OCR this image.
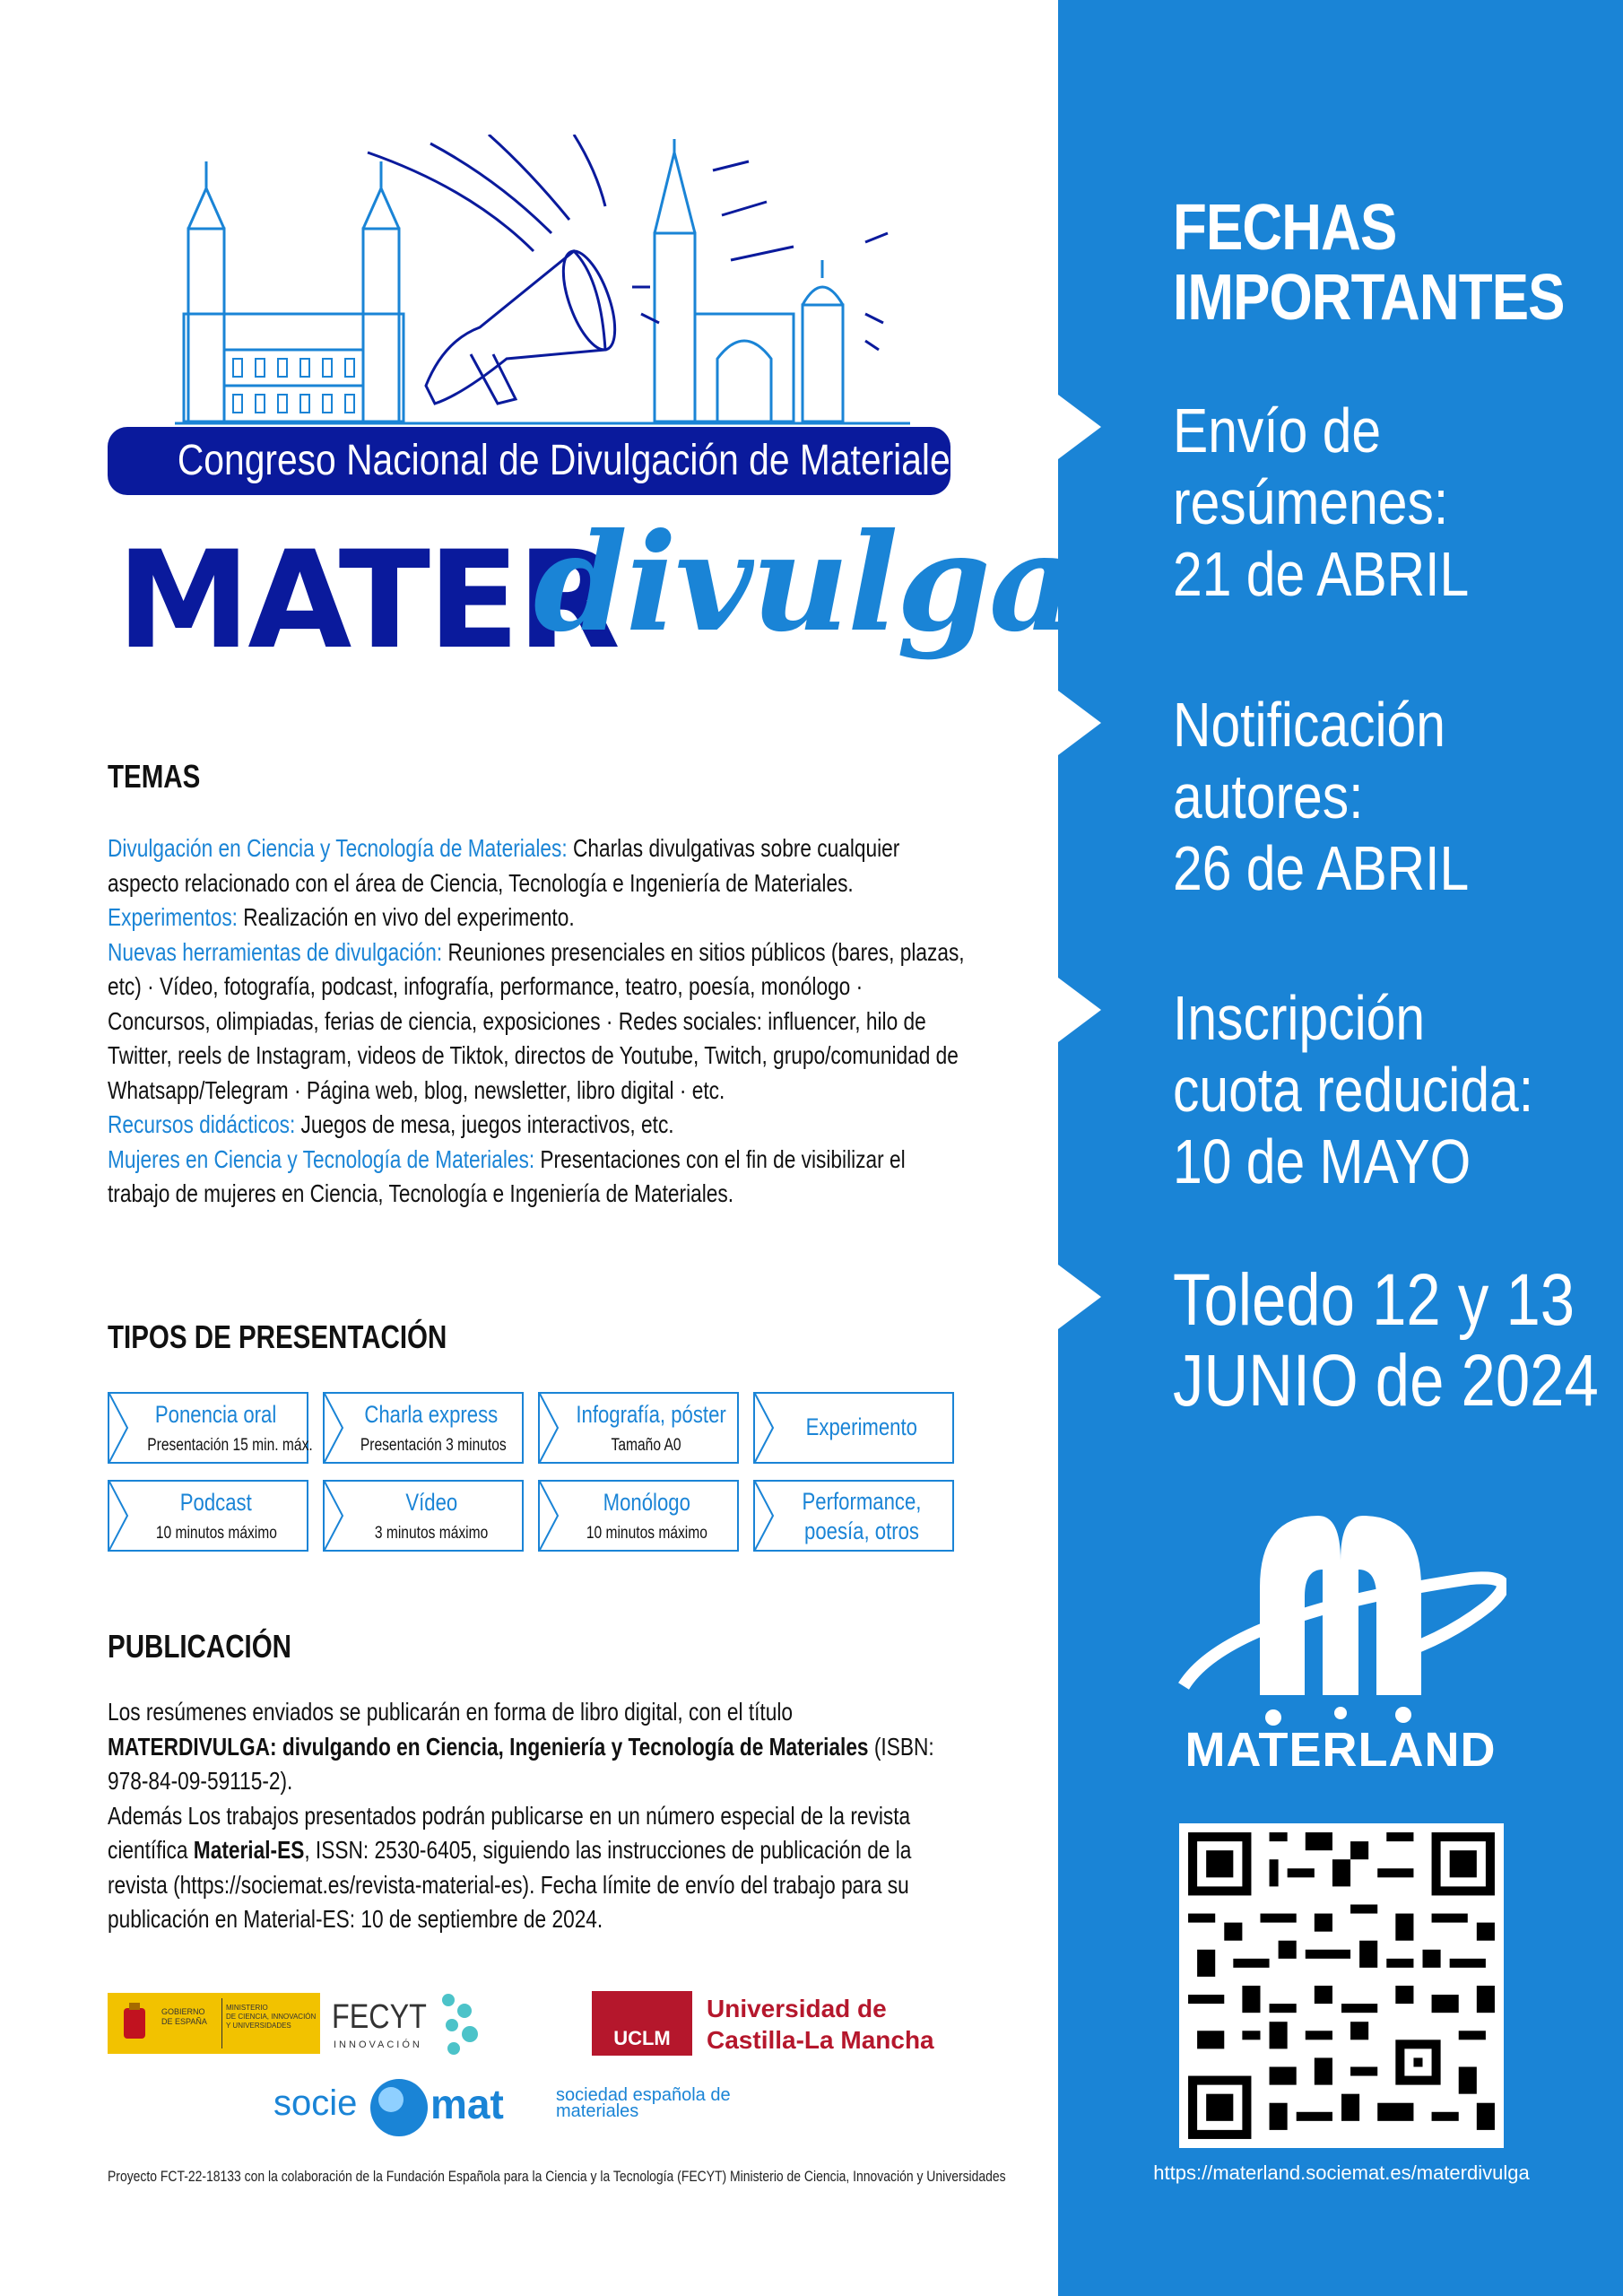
FECHAS
IMPORTANTES
Envío de
resúmenes:
21 de ABRIL
Notificación
autores:
26 de ABRIL
Inscripción
cuota reducida:
10 de MAYO
Toledo 12 y 13
JUNIO de 2024
MATERLAND
https://materland.sociemat.es/materdivulga
Congreso Nacional de Divulgación de Materiales
MATER
divulga
TEMAS
Divulgación en Ciencia y Tecnología de Materiales: Charlas divulgativas sobre cualquier aspecto relacionado con el área de Ciencia, Tecnología e Ingeniería de Materiales.
Experimentos: Realización en vivo del experimento.
Nuevas herramientas de divulgación: Reuniones presenciales en sitios públicos (bares, plazas, etc) · Vídeo, fotografía, podcast, infografía, performance, teatro, poesía, monólogo · Concursos, olimpiadas, ferias de ciencia, exposiciones · Redes sociales: influencer, hilo de Twitter, reels de Instagram, videos de Tiktok, directos de Youtube, Twitch, grupo/comunidad de Whatsapp/Telegram · Página web, blog, newsletter, libro digital · etc.
Recursos didácticos: Juegos de mesa, juegos interactivos, etc.
Mujeres en Ciencia y Tecnología de Materiales: Presentaciones con el fin de visibilizar el trabajo de mujeres en Ciencia, Tecnología e Ingeniería de Materiales.
TIPOS DE PRESENTACIÓN
Ponencia oral
Presentación 15 min. máx.
Charla express
Presentación 3 minutos
Infografía, póster
Tamaño A0
Experimento
Podcast
10 minutos máximo
Vídeo
3 minutos máximo
Monólogo
10 minutos máximo
Performance, poesía, otros
PUBLICACIÓN
Los resúmenes enviados se publicarán en forma de libro digital, con el título MATERDIVULGA: divulgando en Ciencia, Ingeniería y Tecnología de Materiales (ISBN: 978-84-09-59115-2).
Además Los trabajos presentados podrán publicarse en un número especial de la revista científica Material-ES, ISSN: 2530-6405, siguiendo las instrucciones de publicación de la revista (https://sociemat.es/revista-material-es). Fecha límite de envío del trabajo para su publicación en Material-ES: 10 de septiembre de 2024.
GOBIERNO
DE ESPAÑA
MINISTERIO
DE CIENCIA, INNOVACIÓN
Y UNIVERSIDADES	FECYT
INNOVACIÓN	UCLM
Universidad de
Castilla-La Mancha
socie mat	sociedad española de
materiales
Proyecto FCT-22-18133 con la colaboración de la Fundación Española para la Ciencia y la Tecnología (FECYT) Ministerio de Ciencia, Innovación y Universidades
